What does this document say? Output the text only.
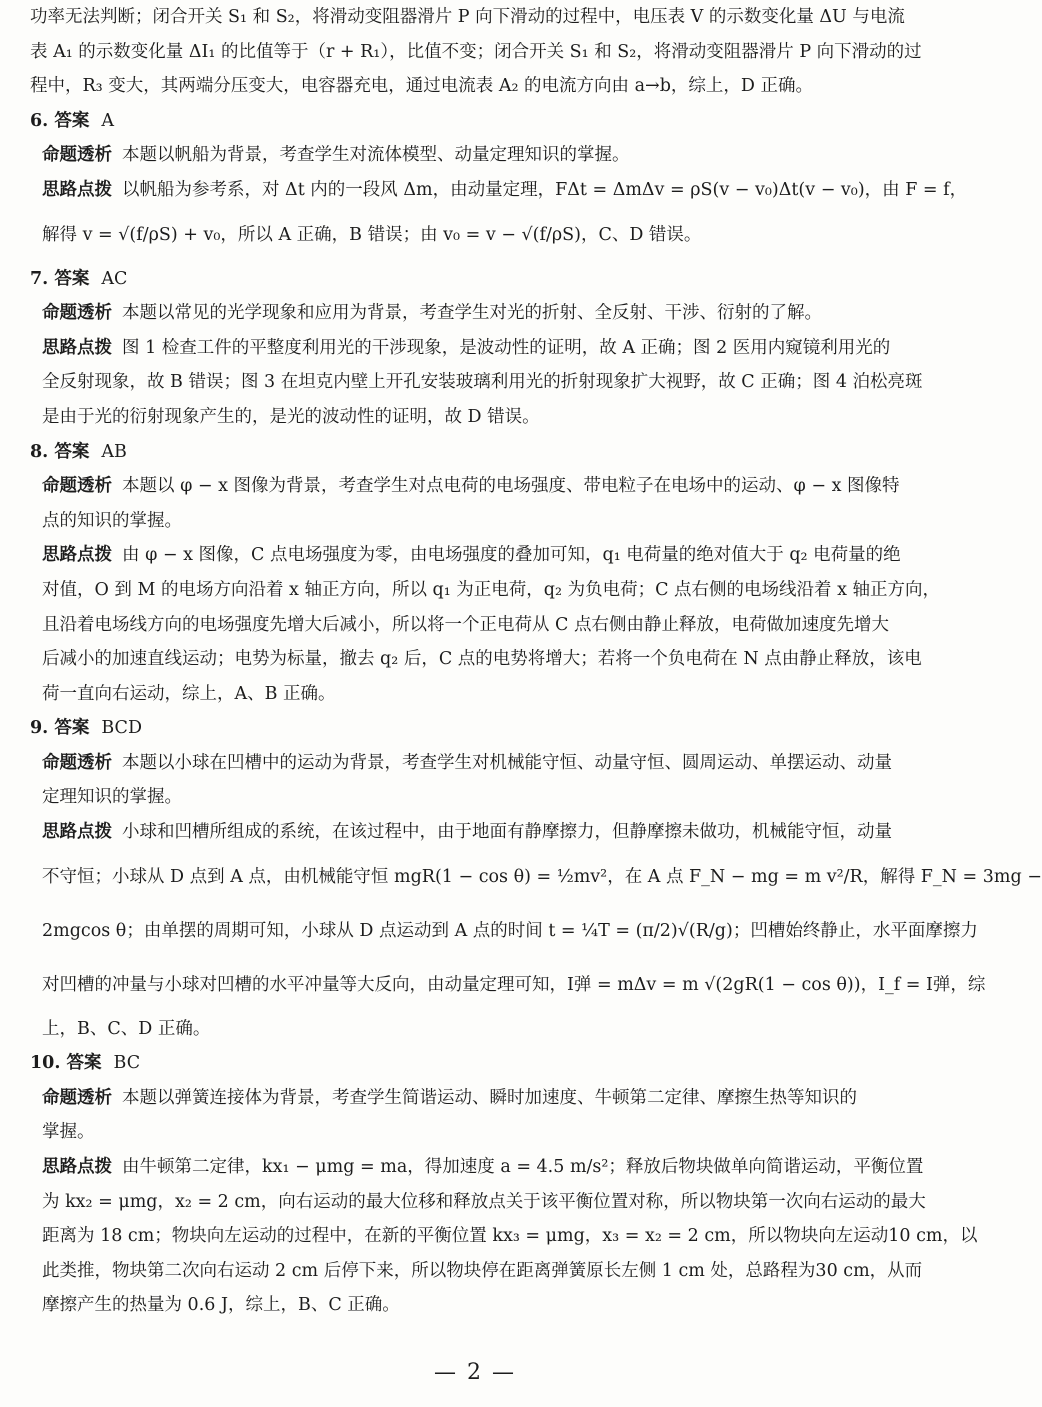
功率无法判断；闭合开关 S₁ 和 S₂，将滑动变阻器滑片 P 向下滑动的过程中，电压表 V 的示数变化量 ΔU 与电流
表 A₁ 的示数变化量 ΔI₁ 的比值等于（r + R₁），比值不变；闭合开关 S₁ 和 S₂，将滑动变阻器滑片 P 向下滑动的过
程中，R₃ 变大，其两端分压变大，电容器充电，通过电流表 A₂ 的电流方向由 a→b，综上，D 正确。
6. 答案 A
命题透析 本题以帆船为背景，考查学生对流体模型、动量定理知识的掌握。
思路点拨 以帆船为参考系，对 Δt 内的一段风 Δm，由动量定理，FΔt = ΔmΔv = ρS(v − v₀)Δt(v − v₀)，由 F = f，
解得 v = √(f/ρS) + v₀，所以 A 正确，B 错误；由 v₀ = v − √(f/ρS)，C、D 错误。
7. 答案 AC
命题透析 本题以常见的光学现象和应用为背景，考查学生对光的折射、全反射、干涉、衍射的了解。
思路点拨 图 1 检查工件的平整度利用光的干涉现象，是波动性的证明，故 A 正确；图 2 医用内窥镜利用光的
全反射现象，故 B 错误；图 3 在坦克内壁上开孔安装玻璃利用光的折射现象扩大视野，故 C 正确；图 4 泊松亮斑
是由于光的衍射现象产生的，是光的波动性的证明，故 D 错误。
8. 答案 AB
命题透析 本题以 φ − x 图像为背景，考查学生对点电荷的电场强度、带电粒子在电场中的运动、φ − x 图像特
点的知识的掌握。
思路点拨 由 φ − x 图像，C 点电场强度为零，由电场强度的叠加可知，q₁ 电荷量的绝对值大于 q₂ 电荷量的绝
对值，O 到 M 的电场方向沿着 x 轴正方向，所以 q₁ 为正电荷，q₂ 为负电荷；C 点右侧的电场线沿着 x 轴正方向，
且沿着电场线方向的电场强度先增大后减小，所以将一个正电荷从 C 点右侧由静止释放，电荷做加速度先增大
后减小的加速直线运动；电势为标量，撤去 q₂ 后，C 点的电势将增大；若将一个负电荷在 N 点由静止释放，该电
荷一直向右运动，综上，A、B 正确。
9. 答案 BCD
命题透析 本题以小球在凹槽中的运动为背景，考查学生对机械能守恒、动量守恒、圆周运动、单摆运动、动量
定理知识的掌握。
思路点拨 小球和凹槽所组成的系统，在该过程中，由于地面有静摩擦力，但静摩擦未做功，机械能守恒，动量
不守恒；小球从 D 点到 A 点，由机械能守恒 mgR(1 − cos θ) = ½mv²，在 A 点 F_N − mg = m v²/R，解得 F_N = 3mg −
2mgcos θ；由单摆的周期可知，小球从 D 点运动到 A 点的时间 t = ¼T = (π/2)√(R/g)；凹槽始终静止，水平面摩擦力
对凹槽的冲量与小球对凹槽的水平冲量等大反向，由动量定理可知，I弹 = mΔv = m √(2gR(1 − cos θ))，I_f = I弹，综
上，B、C、D 正确。
10. 答案 BC
命题透析 本题以弹簧连接体为背景，考查学生简谐运动、瞬时加速度、牛顿第二定律、摩擦生热等知识的
掌握。
思路点拨 由牛顿第二定律，kx₁ − μmg = ma，得加速度 a = 4.5 m/s²；释放后物块做单向简谐运动，平衡位置
为 kx₂ = μmg，x₂ = 2 cm，向右运动的最大位移和释放点关于该平衡位置对称，所以物块第一次向右运动的最大
距离为 18 cm；物块向左运动的过程中，在新的平衡位置 kx₃ = μmg，x₃ = x₂ = 2 cm，所以物块向左运动10 cm，以
此类推，物块第二次向右运动 2 cm 后停下来，所以物块停在距离弹簧原长左侧 1 cm 处，总路程为30 cm，从而
摩擦产生的热量为 0.6 J，综上，B、C 正确。
— 2 —
